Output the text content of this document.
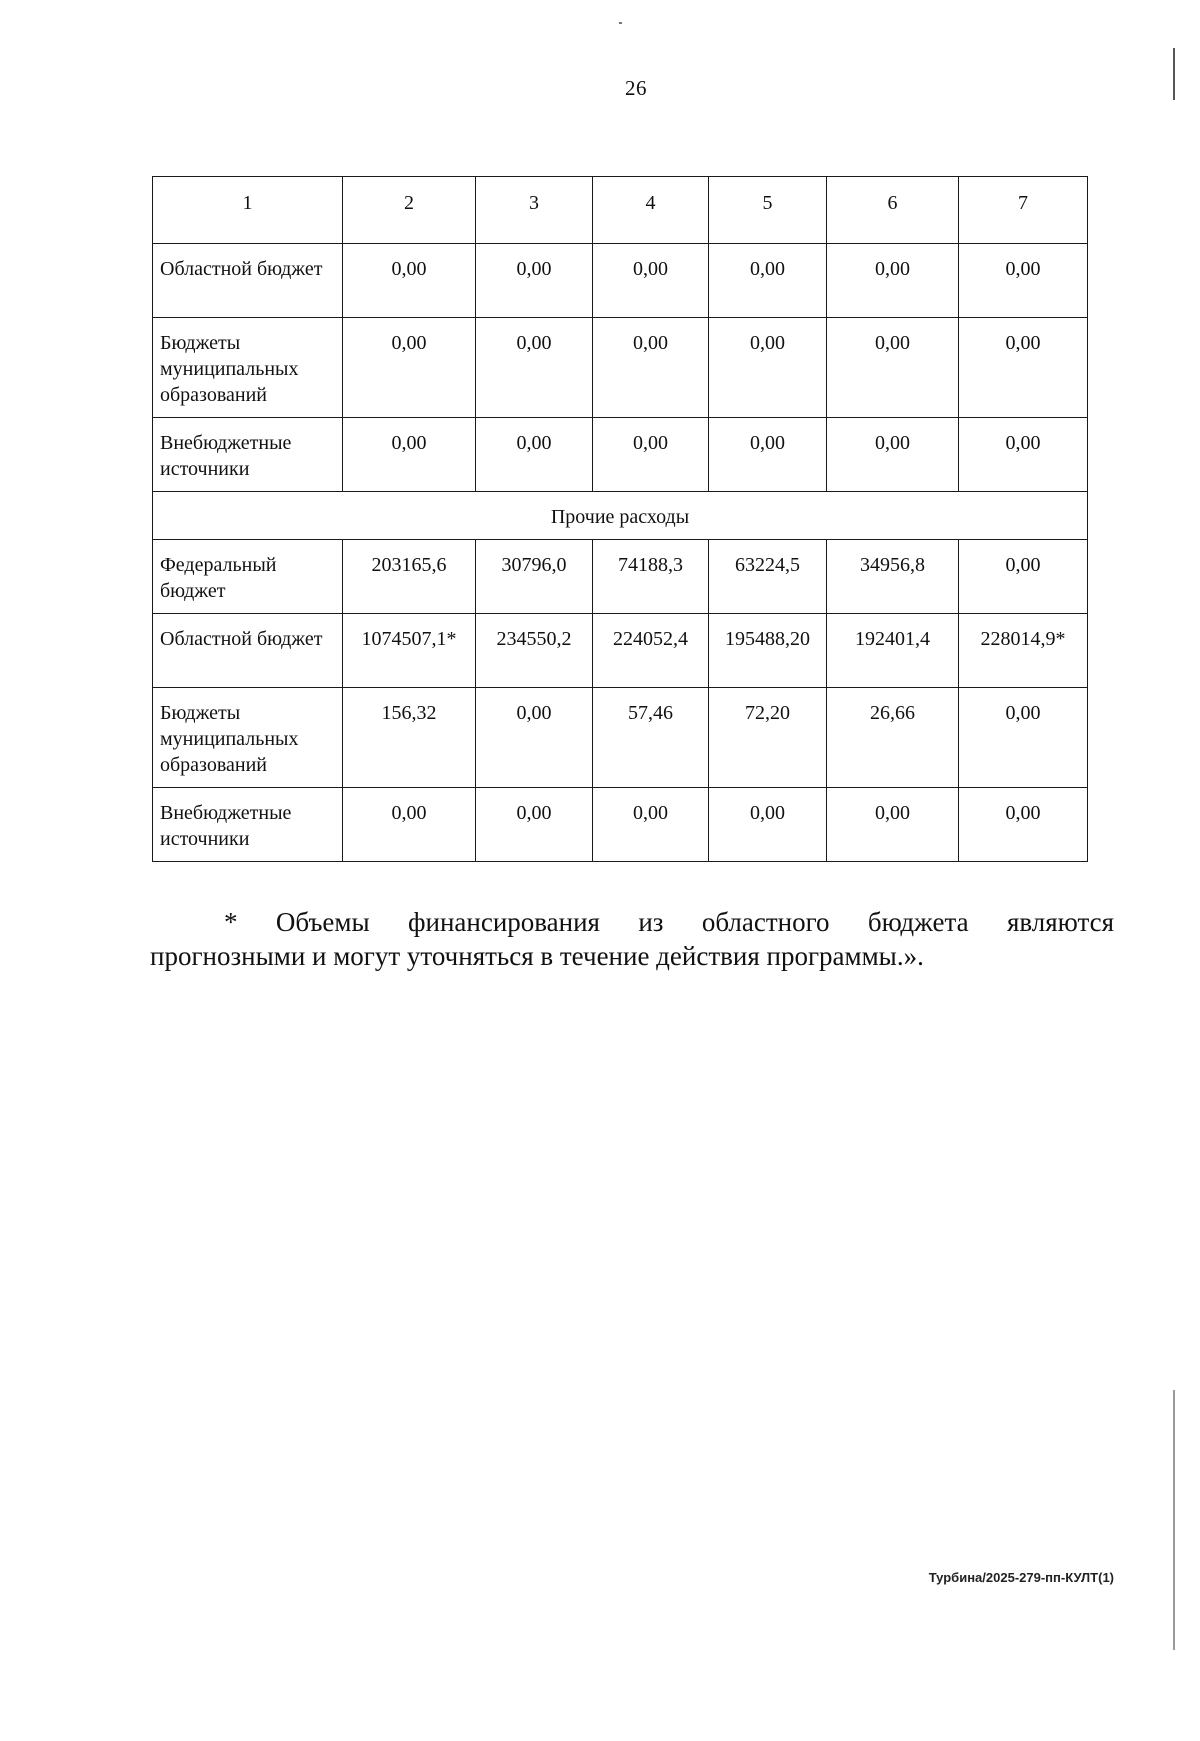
26
1	2	3	4	5	6	7
Областной бюджет	0,00	0,00	0,00	0,00	0,00	0,00
Бюджеты муниципальных образований	0,00	0,00	0,00	0,00	0,00	0,00
Внебюджетные источники	0,00	0,00	0,00	0,00	0,00	0,00
Прочие расходы						
Федеральный бюджет	203165,6	30796,0	74188,3	63224,5	34956,8	0,00
Областной бюджет	1074507,1*	234550,2	224052,4	195488,20	192401,4	228014,9*
Бюджеты муниципальных образований	156,32	0,00	57,46	72,20	26,66	0,00
Внебюджетные источники	0,00	0,00	0,00	0,00	0,00	0,00
* Объемы финансирования из областного бюджета являются
прогнозными и могут уточняться в течение действия программы.».
Турбина/2025-279-пп-КУЛТ(1)
